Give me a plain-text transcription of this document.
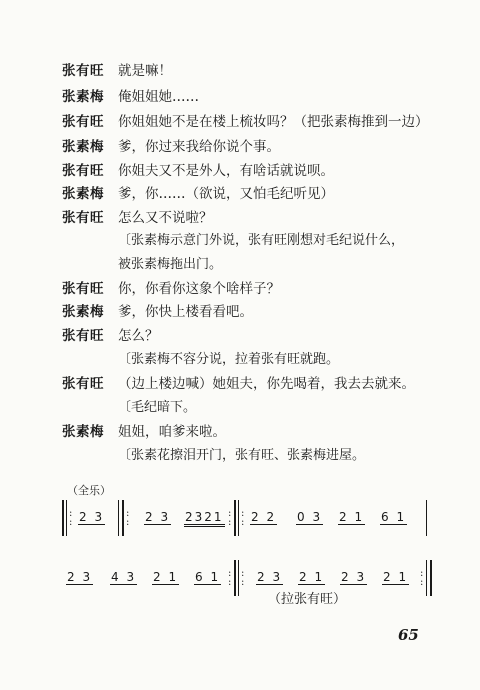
张有旺 就是嘛！
张素梅 俺姐姐她……
张有旺 你姐姐她不是在楼上梳妆吗？（把张素梅推到一边）
张素梅 爹，你过来我给你说个事。
张有旺 你姐夫又不是外人，有啥话就说呗。
张素梅 爹，你……（欲说，又怕毛纪听见）
张有旺 怎么又不说啦？
〔张素梅示意门外说，张有旺刚想对毛纪说什么，
被张素梅拖出门。
张有旺 你，你看你这象个啥样子？
张素梅 爹，你快上楼看看吧。
张有旺 怎么？
〔张素梅不容分说，拉着张有旺就跑。
张有旺 （边上楼边喊）她姐夫，你先喝着，我去去就来。
〔毛纪暗下。
张素梅 姐姐，咱爹来啦。
〔张素花擦泪开门，张有旺、张素梅进屋。
（全乐）
:
: 2 3 :
: 2 3 2321 :
:
:
: 2 2 0 3 2 1 6 1
2 3 4 3 2 1 6 1 :
:
:
: 2 3 2 1 2 3 2 1 :
:
（拉张有旺）
65
